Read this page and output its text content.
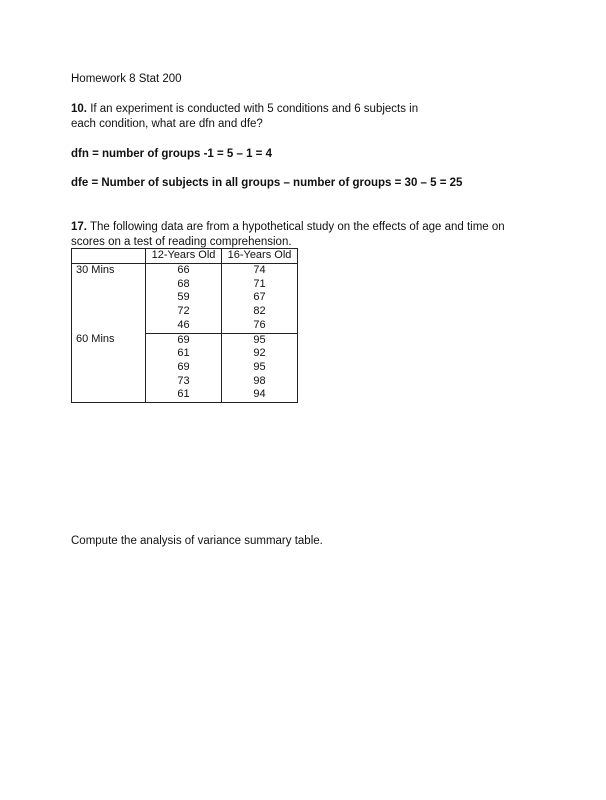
Homework 8 Stat 200
10. If an experiment is conducted with 5 conditions and 6 subjects in each condition, what are dfn and dfe?
dfn = number of groups -1 = 5 – 1 = 4
dfe = Number of subjects in all groups – number of groups = 30 – 5 = 25
17. The following data are from a hypothetical study on the effects of age and time on scores on a test of reading comprehension.
	12-Years Old	16-Years Old
30 Mins	66	74
	68	71
	59	67
	72	82
	46	76
60 Mins	69	95
	61	92
	69	95
	73	98
	61	94
Compute the analysis of variance summary table.
